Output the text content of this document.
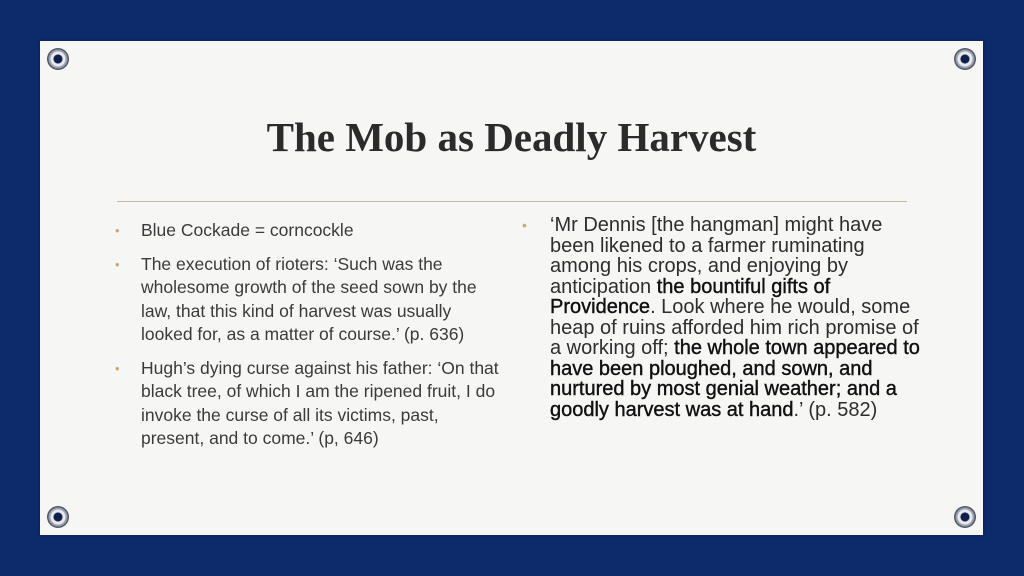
The Mob as Deadly Harvest
• Blue Cockade = corncockle
• The execution of rioters: ‘Such was the wholesome growth of the seed sown by the law, that this kind of harvest was usually looked for, as a matter of course.’ (p. 636)
• Hugh’s dying curse against his father: ‘On that black tree, of which I am the ripened fruit, I do invoke the curse of all its victims, past, present, and to come.’ (p, 646)
•	‘Mr Dennis [the hangman] might have been likened to a farmer ruminating among his crops, and enjoying by anticipation the bountiful gifts of Providence. Look where he would, some heap of ruins afforded him rich promise of a working off; the whole town appeared to have been ploughed, and sown, and nurtured by most genial weather; and a goodly harvest was at hand.’ (p. 582)
